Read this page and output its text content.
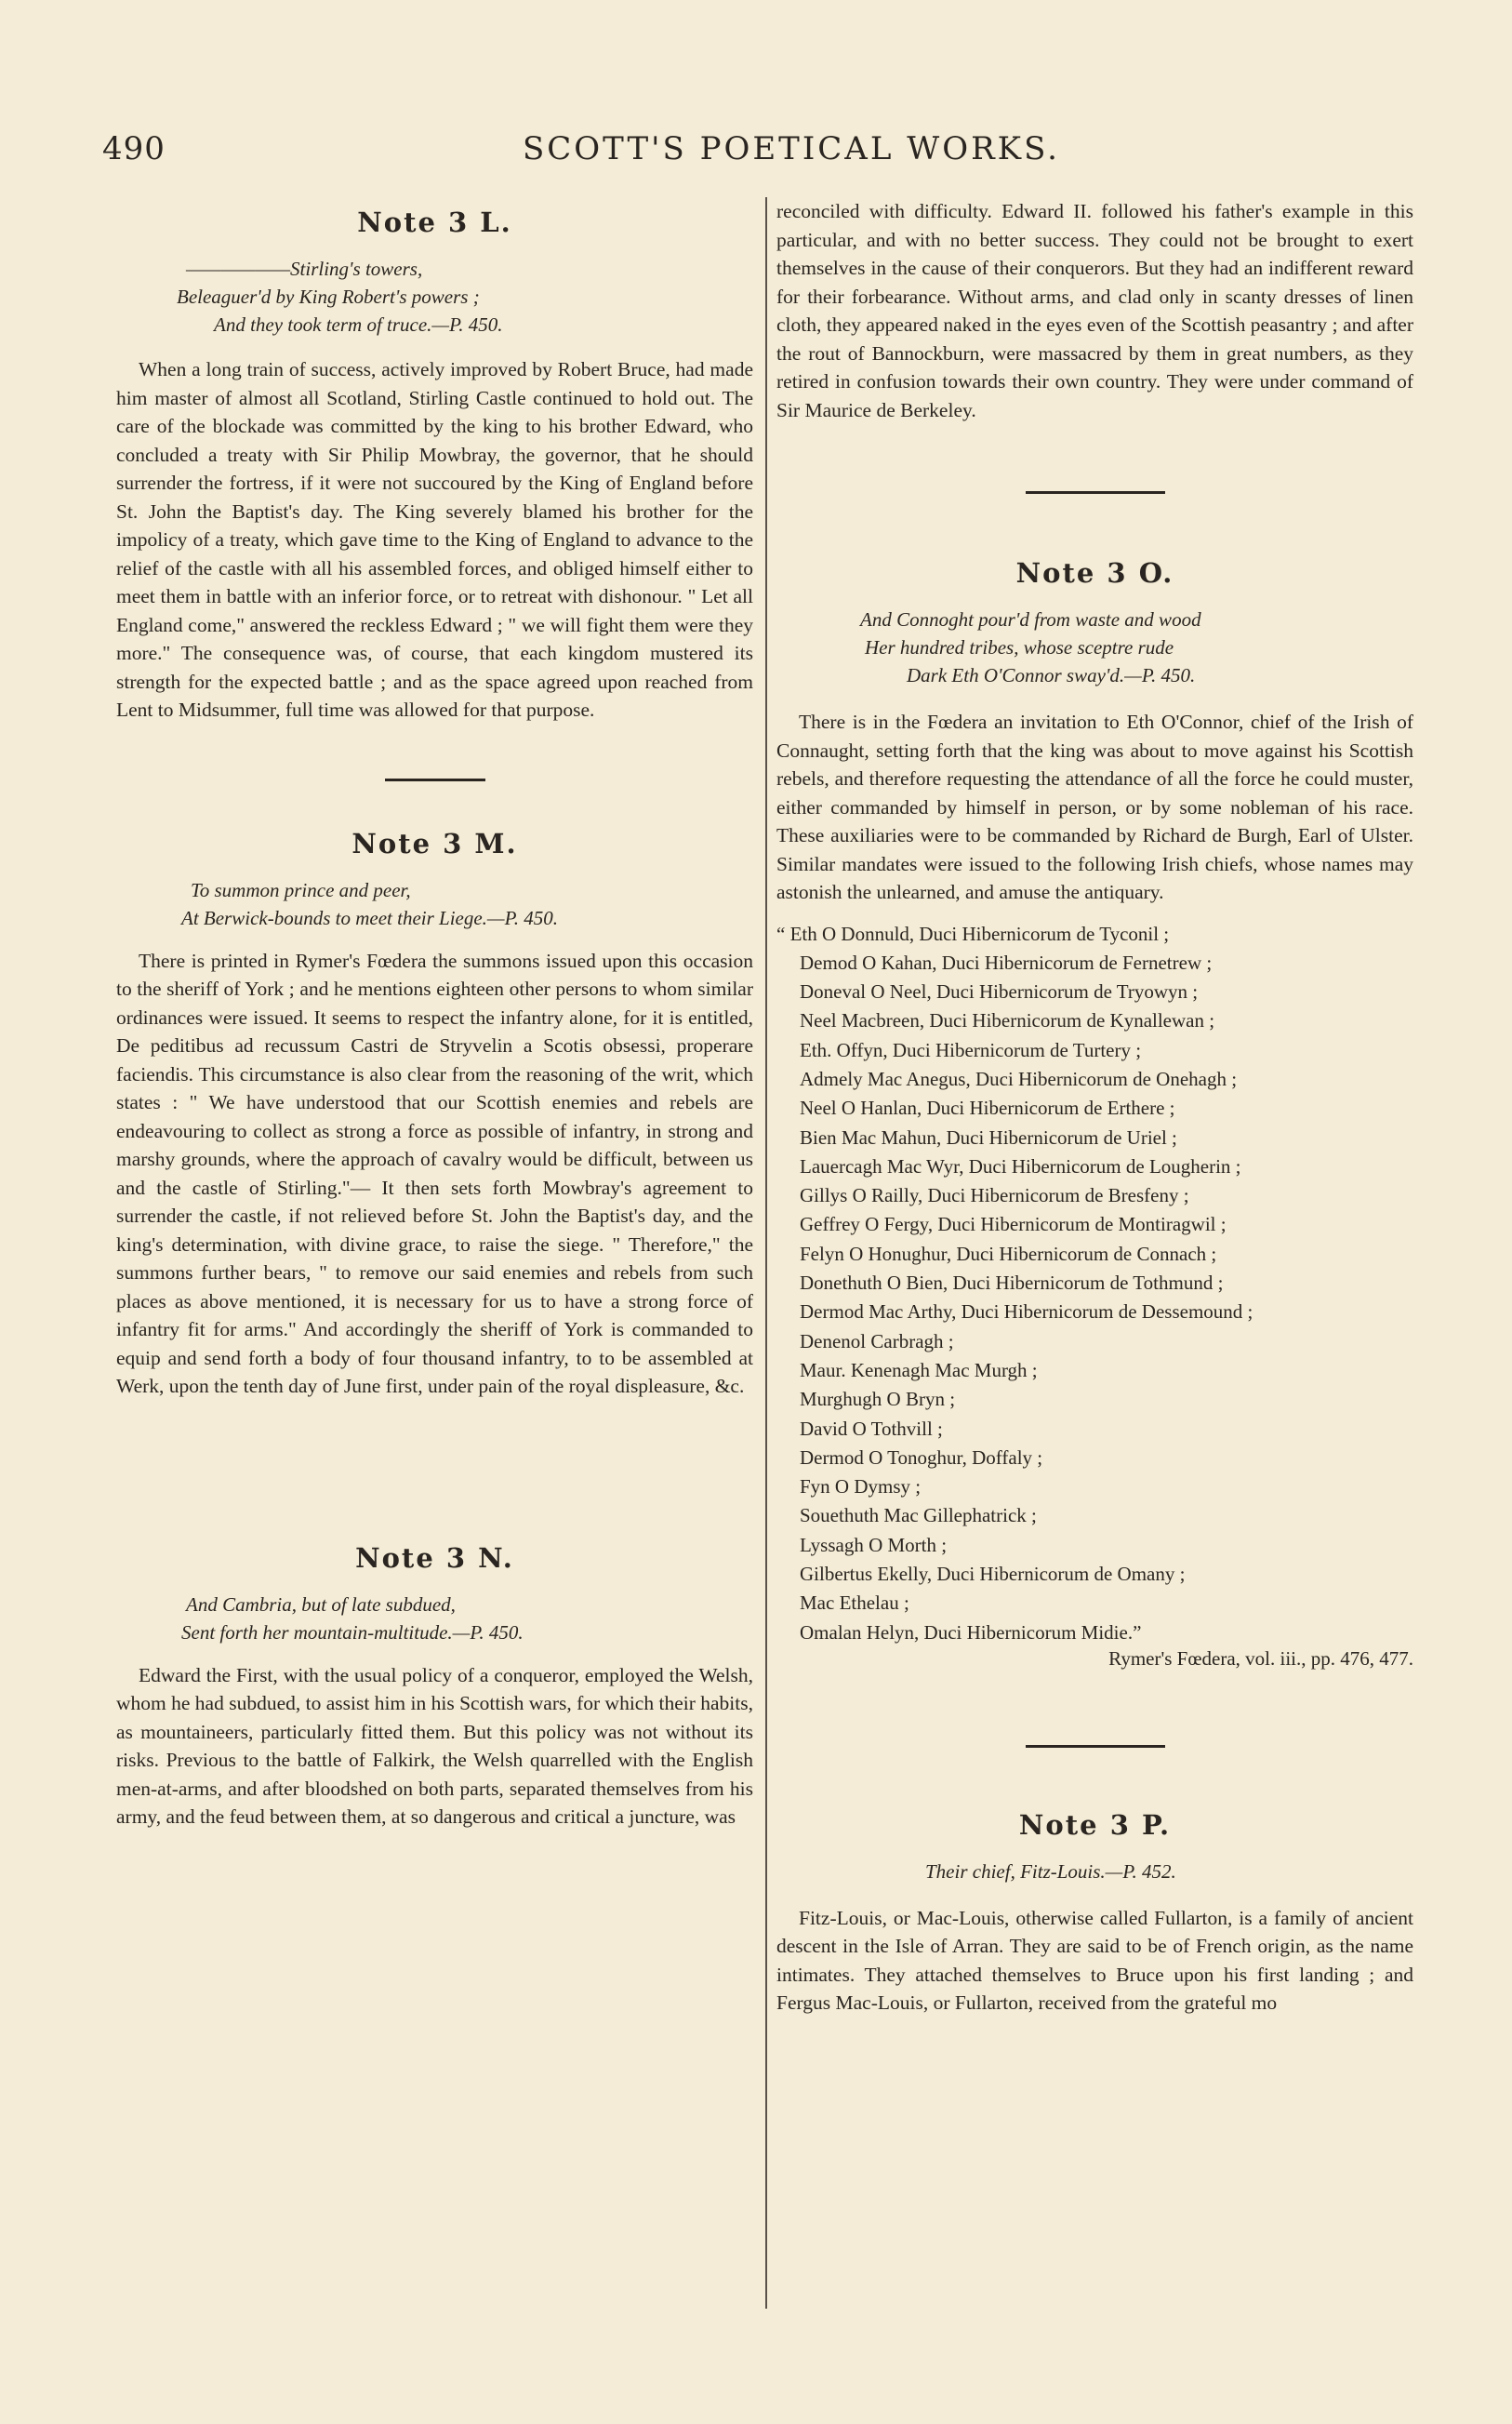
490	SCOTT'S POETICAL WORKS.
Note 3 L.
——————Stirling's towers,
Beleaguer'd by King Robert's powers ;
And they took term of truce.—P. 450.

When a long train of success, actively improved by Robert Bruce, had made him master of almost all Scotland, Stirling Castle continued to hold out. The care of the blockade was committed by the king to his brother Edward, who concluded a treaty with Sir Philip Mowbray, the governor, that he should surrender the fortress, if it were not succoured by the King of England before St. John the Baptist's day. The King severely blamed his brother for the impolicy of a treaty, which gave time to the King of England to advance to the relief of the castle with all his assembled forces, and obliged himself either to meet them in battle with an inferior force, or to retreat with dishonour. " Let all England come," answered the reckless Edward ; " we will fight them were they more." The consequence was, of course, that each kingdom mustered its strength for the expected battle ; and as the space agreed upon reached from Lent to Midsummer, full time was allowed for that purpose.

Note 3 M.
To summon prince and peer,
At Berwick-bounds to meet their Liege.—P. 450.

There is printed in Rymer's Fœdera the summons issued upon this occasion to the sheriff of York ; and he mentions eighteen other persons to whom similar ordinances were issued. It seems to respect the infantry alone, for it is entitled, De peditibus ad recussum Castri de Stryvelin a Scotis obsessi, properare faciendis. This circumstance is also clear from the reasoning of the writ, which states : " We have understood that our Scottish enemies and rebels are endeavouring to collect as strong a force as possible of infantry, in strong and marshy grounds, where the approach of cavalry would be difficult, between us and the castle of Stirling."— It then sets forth Mowbray's agreement to surrender the castle, if not relieved before St. John the Baptist's day, and the king's determination, with divine grace, to raise the siege. " Therefore," the summons further bears, " to remove our said enemies and rebels from such places as above mentioned, it is necessary for us to have a strong force of infantry fit for arms." And accordingly the sheriff of York is commanded to equip and send forth a body of four thousand infantry, to to be assembled at Werk, upon the tenth day of June first, under pain of the royal displeasure, &c.

Note 3 N.
And Cambria, but of late subdued,
Sent forth her mountain-multitude.—P. 450.

Edward the First, with the usual policy of a conqueror, employed the Welsh, whom he had subdued, to assist him in his Scottish wars, for which their habits, as mountaineers, particularly fitted them. But this policy was not without its risks. Previous to the battle of Falkirk, the Welsh quarrelled with the English men-at-arms, and after bloodshed on both parts, separated themselves from his army, and the feud between them, at so dangerous and critical a juncture, was

reconciled with difficulty. Edward II. followed his father's example in this particular, and with no better success. They could not be brought to exert themselves in the cause of their conquerors. But they had an indifferent reward for their forbearance. Without arms, and clad only in scanty dresses of linen cloth, they appeared naked in the eyes even of the Scottish peasantry ; and after the rout of Bannockburn, were massacred by them in great numbers, as they retired in confusion towards their own country. They were under command of Sir Maurice de Berkeley.

Note 3 O.
And Connoght pour'd from waste and wood
Her hundred tribes, whose sceptre rude
Dark Eth O'Connor sway'd.—P. 450.

There is in the Fœdera an invitation to Eth O'Connor, chief of the Irish of Connaught, setting forth that the king was about to move against his Scottish rebels, and therefore requesting the attendance of all the force he could muster, either commanded by himself in person, or by some nobleman of his race. These auxiliaries were to be commanded by Richard de Burgh, Earl of Ulster. Similar mandates were issued to the following Irish chiefs, whose names may astonish the unlearned, and amuse the antiquary.

“ Eth O Donnuld, Duci Hibernicorum de Tyconil ;
Demod O Kahan, Duci Hibernicorum de Fernetrew ;
Doneval O Neel, Duci Hibernicorum de Tryowyn ;
Neel Macbreen, Duci Hibernicorum de Kynallewan ;
Eth. Offyn, Duci Hibernicorum de Turtery ;
Admely Mac Anegus, Duci Hibernicorum de Onehagh ;
Neel O Hanlan, Duci Hibernicorum de Erthere ;
Bien Mac Mahun, Duci Hibernicorum de Uriel ;
Lauercagh Mac Wyr, Duci Hibernicorum de Lougherin ;
Gillys O Railly, Duci Hibernicorum de Bresfeny ;
Geffrey O Fergy, Duci Hibernicorum de Montiragwil ;
Felyn O Honughur, Duci Hibernicorum de Connach ;
Donethuth O Bien, Duci Hibernicorum de Tothmund ;
Dermod Mac Arthy, Duci Hibernicorum de Dessemound ;
Denenol Carbragh ;
Maur. Kenenagh Mac Murgh ;
Murghugh O Bryn ;
David O Tothvill ;
Dermod O Tonoghur, Doffaly ;
Fyn O Dymsy ;
Souethuth Mac Gillephatrick ;
Lyssagh O Morth ;
Gilbertus Ekelly, Duci Hibernicorum de Omany ;
Mac Ethelau ;
Omalan Helyn, Duci Hibernicorum Midie.”

Rymer's Fœdera, vol. iii., pp. 476, 477.

Note 3 P.
Their chief, Fitz-Louis.—P. 452.

Fitz-Louis, or Mac-Louis, otherwise called Fullarton, is a family of ancient descent in the Isle of Arran. They are said to be of French origin, as the name intimates. They attached themselves to Bruce upon his first landing ; and Fergus Mac-Louis, or Fullarton, received from the grateful mo
